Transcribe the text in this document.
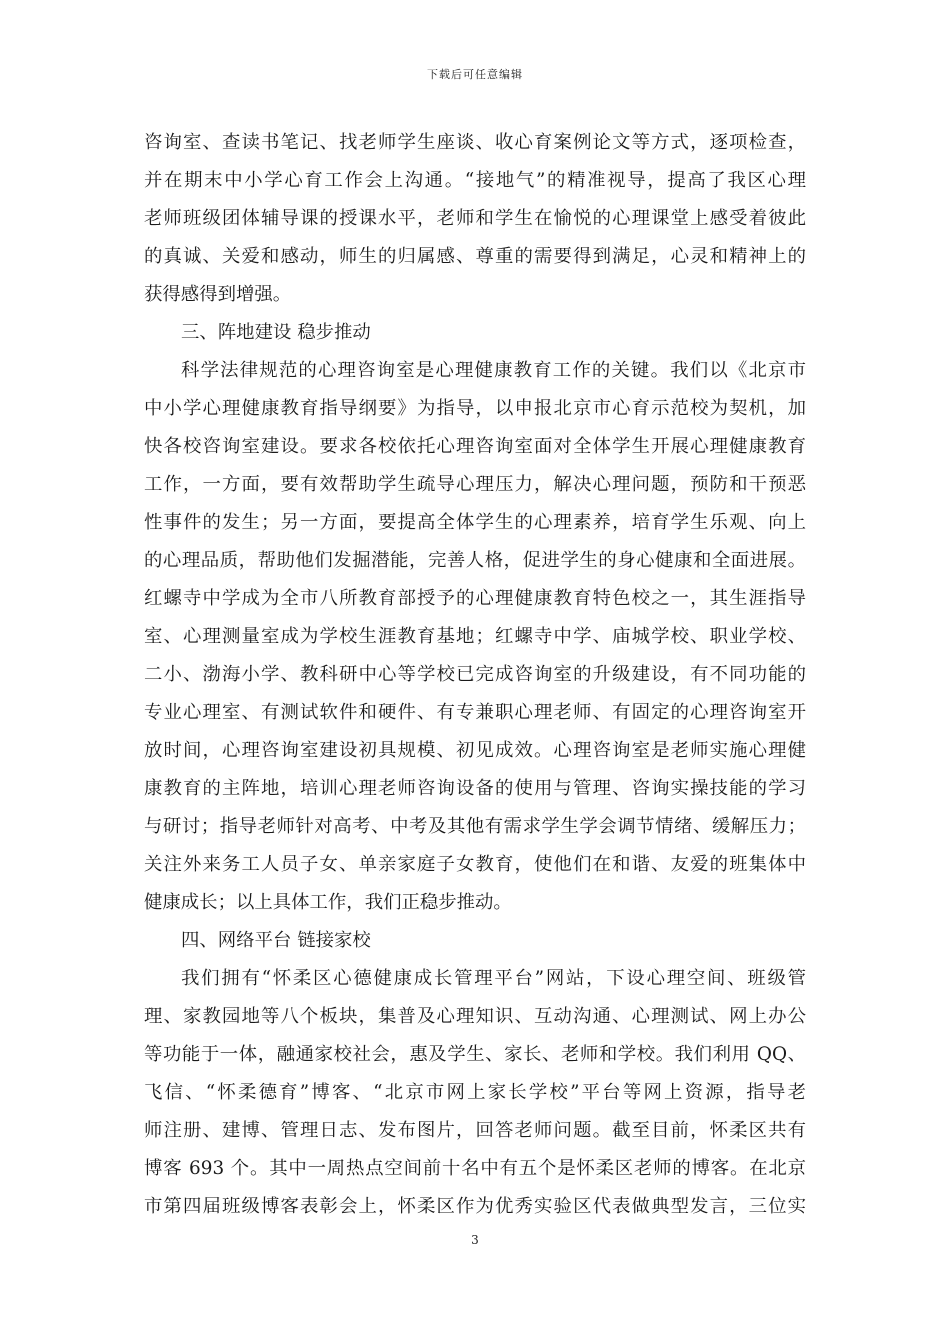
下载后可任意编辑
咨询室、查读书笔记、找老师学生座谈、收心育案例论文等方式，逐项检查，
并在期末中小学心育工作会上沟通。“接地气”的精准视导，提高了我区心理
老师班级团体辅导课的授课水平，老师和学生在愉悦的心理课堂上感受着彼此
的真诚、关爱和感动，师生的归属感、尊重的需要得到满足，心灵和精神上的
获得感得到增强。
三、阵地建设 稳步推动
科学法律规范的心理咨询室是心理健康教育工作的关键。我们以《北京市
中小学心理健康教育指导纲要》为指导，以申报北京市心育示范校为契机，加
快各校咨询室建设。要求各校依托心理咨询室面对全体学生开展心理健康教育
工作，一方面，要有效帮助学生疏导心理压力，解决心理问题，预防和干预恶
性事件的发生；另一方面，要提高全体学生的心理素养，培育学生乐观、向上
的心理品质，帮助他们发掘潜能，完善人格，促进学生的身心健康和全面进展。
红螺寺中学成为全市八所教育部授予的心理健康教育特色校之一，其生涯指导
室、心理测量室成为学校生涯教育基地；红螺寺中学、庙城学校、职业学校、
二小、渤海小学、教科研中心等学校已完成咨询室的升级建设，有不同功能的
专业心理室、有测试软件和硬件、有专兼职心理老师、有固定的心理咨询室开
放时间，心理咨询室建设初具规模、初见成效。心理咨询室是老师实施心理健
康教育的主阵地，培训心理老师咨询设备的使用与管理、咨询实操技能的学习
与研讨；指导老师针对高考、中考及其他有需求学生学会调节情绪、缓解压力；
关注外来务工人员子女、单亲家庭子女教育，使他们在和谐、友爱的班集体中
健康成长；以上具体工作，我们正稳步推动。
四、网络平台 链接家校
我们拥有“怀柔区心德健康成长管理平台”网站，下设心理空间、班级管
理、家教园地等八个板块，集普及心理知识、互动沟通、心理测试、网上办公
等功能于一体，融通家校社会，惠及学生、家长、老师和学校。我们利用 QQ、
飞信、“怀柔德育”博客、“北京市网上家长学校”平台等网上资源，指导老
师注册、建博、管理日志、发布图片，回答老师问题。截至目前，怀柔区共有
博客 693 个。其中一周热点空间前十名中有五个是怀柔区老师的博客。在北京
市第四届班级博客表彰会上，怀柔区作为优秀实验区代表做典型发言，三位实
3
